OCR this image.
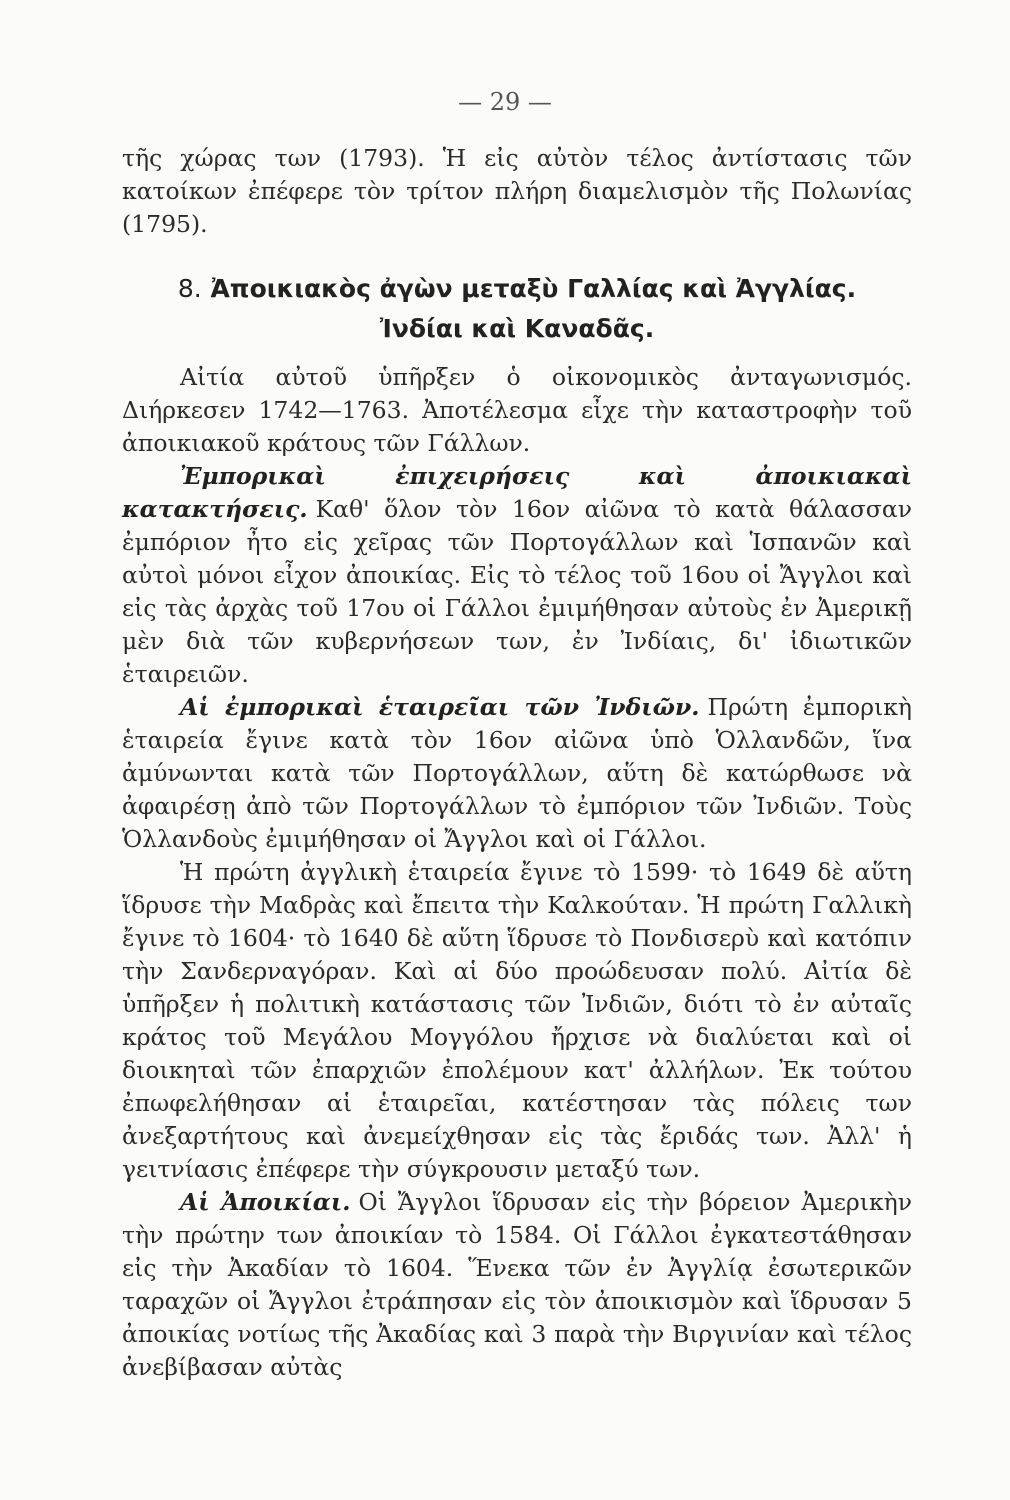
— 29 —

τῆς χώρας των (1793). Ἡ εἰς αὐτὸν τέλος ἀντίστασις τῶν κατοίκων ἐπέφερε τὸν τρίτον πλήρη διαμελισμὸν τῆς Πολωνίας (1795).

8. Ἀποικιακὸς ἀγὼν μεταξὺ Γαλλίας καὶ Ἀγγλίας.
Ἰνδίαι καὶ Καναδᾶς.

Αἰτία αὐτοῦ ὑπῆρξεν ὁ οἰκονομικὸς ἀνταγωνισμός. Διήρκεσεν 1742—1763. Ἀποτέλεσμα εἶχε τὴν καταστροφὴν τοῦ ἀποικιακοῦ κράτους τῶν Γάλλων.

Ἐμπορικαὶ ἐπιχειρήσεις καὶ ἀποικιακαὶ κατακτήσεις. Καθ' ὅλον τὸν 16ον αἰῶνα τὸ κατὰ θάλασσαν ἐμπόριον ἦτο εἰς χεῖρας τῶν Πορτογάλλων καὶ Ἱσπανῶν καὶ αὐτοὶ μόνοι εἶχον ἀποικίας. Εἰς τὸ τέλος τοῦ 16ου οἱ Ἄγγλοι καὶ εἰς τὰς ἀρχὰς τοῦ 17ου οἱ Γάλλοι ἐμιμήθησαν αὐτοὺς ἐν Ἀμερικῇ μὲν διὰ τῶν κυβερνήσεων των, ἐν Ἰνδίαις, δι' ἰδιωτικῶν ἑταιρειῶν.

Αἱ ἐμπορικαὶ ἑταιρεῖαι τῶν Ἰνδιῶν. Πρώτη ἐμπορικὴ ἑταιρεία ἔγινε κατὰ τὸν 16ον αἰῶνα ὑπὸ Ὁλλανδῶν, ἵνα ἀμύνωνται κατὰ τῶν Πορτογάλλων, αὕτη δὲ κατώρθωσε νὰ ἀφαιρέσῃ ἀπὸ τῶν Πορτογάλλων τὸ ἐμπόριον τῶν Ἰνδιῶν. Τοὺς Ὁλλανδοὺς ἐμιμήθησαν οἱ Ἄγγλοι καὶ οἱ Γάλλοι.

Ἡ πρώτη ἀγγλικὴ ἑταιρεία ἔγινε τὸ 1599· τὸ 1649 δὲ αὕτη ἵδρυσε τὴν Μαδρὰς καὶ ἔπειτα τὴν Καλκούταν. Ἡ πρώτη Γαλλικὴ ἔγινε τὸ 1604· τὸ 1640 δὲ αὕτη ἵδρυσε τὸ Πονδισερὺ καὶ κατόπιν τὴν Σανδερναγόραν. Καὶ αἱ δύο προώδευσαν πολύ. Αἰτία δὲ ὑπῆρξεν ἡ πολιτικὴ κατάστασις τῶν Ἰνδιῶν, διότι τὸ ἐν αὐταῖς κράτος τοῦ Μεγάλου Μογγόλου ἤρχισε νὰ διαλύεται καὶ οἱ διοικηταὶ τῶν ἐπαρχιῶν ἐπολέμουν κατ' ἀλλήλων. Ἐκ τούτου ἐπωφελήθησαν αἱ ἑταιρεῖαι, κατέστησαν τὰς πόλεις των ἀνεξαρτήτους καὶ ἀνεμείχθησαν εἰς τὰς ἔριδάς των. Ἀλλ' ἡ γειτνίασις ἐπέφερε τὴν σύγκρουσιν μεταξύ των.

Αἱ Ἀποικίαι. Οἱ Ἄγγλοι ἵδρυσαν εἰς τὴν βόρειον Ἀμερικὴν τὴν πρώτην των ἀποικίαν τὸ 1584. Οἱ Γάλλοι ἐγκατεστάθησαν εἰς τὴν Ἀκαδίαν τὸ 1604. Ἕνεκα τῶν ἐν Ἀγγλίᾳ ἐσωτερικῶν ταραχῶν οἱ Ἄγγλοι ἐτράπησαν εἰς τὸν ἀποικισμὸν καὶ ἵδρυσαν 5 ἀποικίας νοτίως τῆς Ἀκαδίας καὶ 3 παρὰ τὴν Βιργινίαν καὶ τέλος ἀνεβίβασαν αὐτὰς
